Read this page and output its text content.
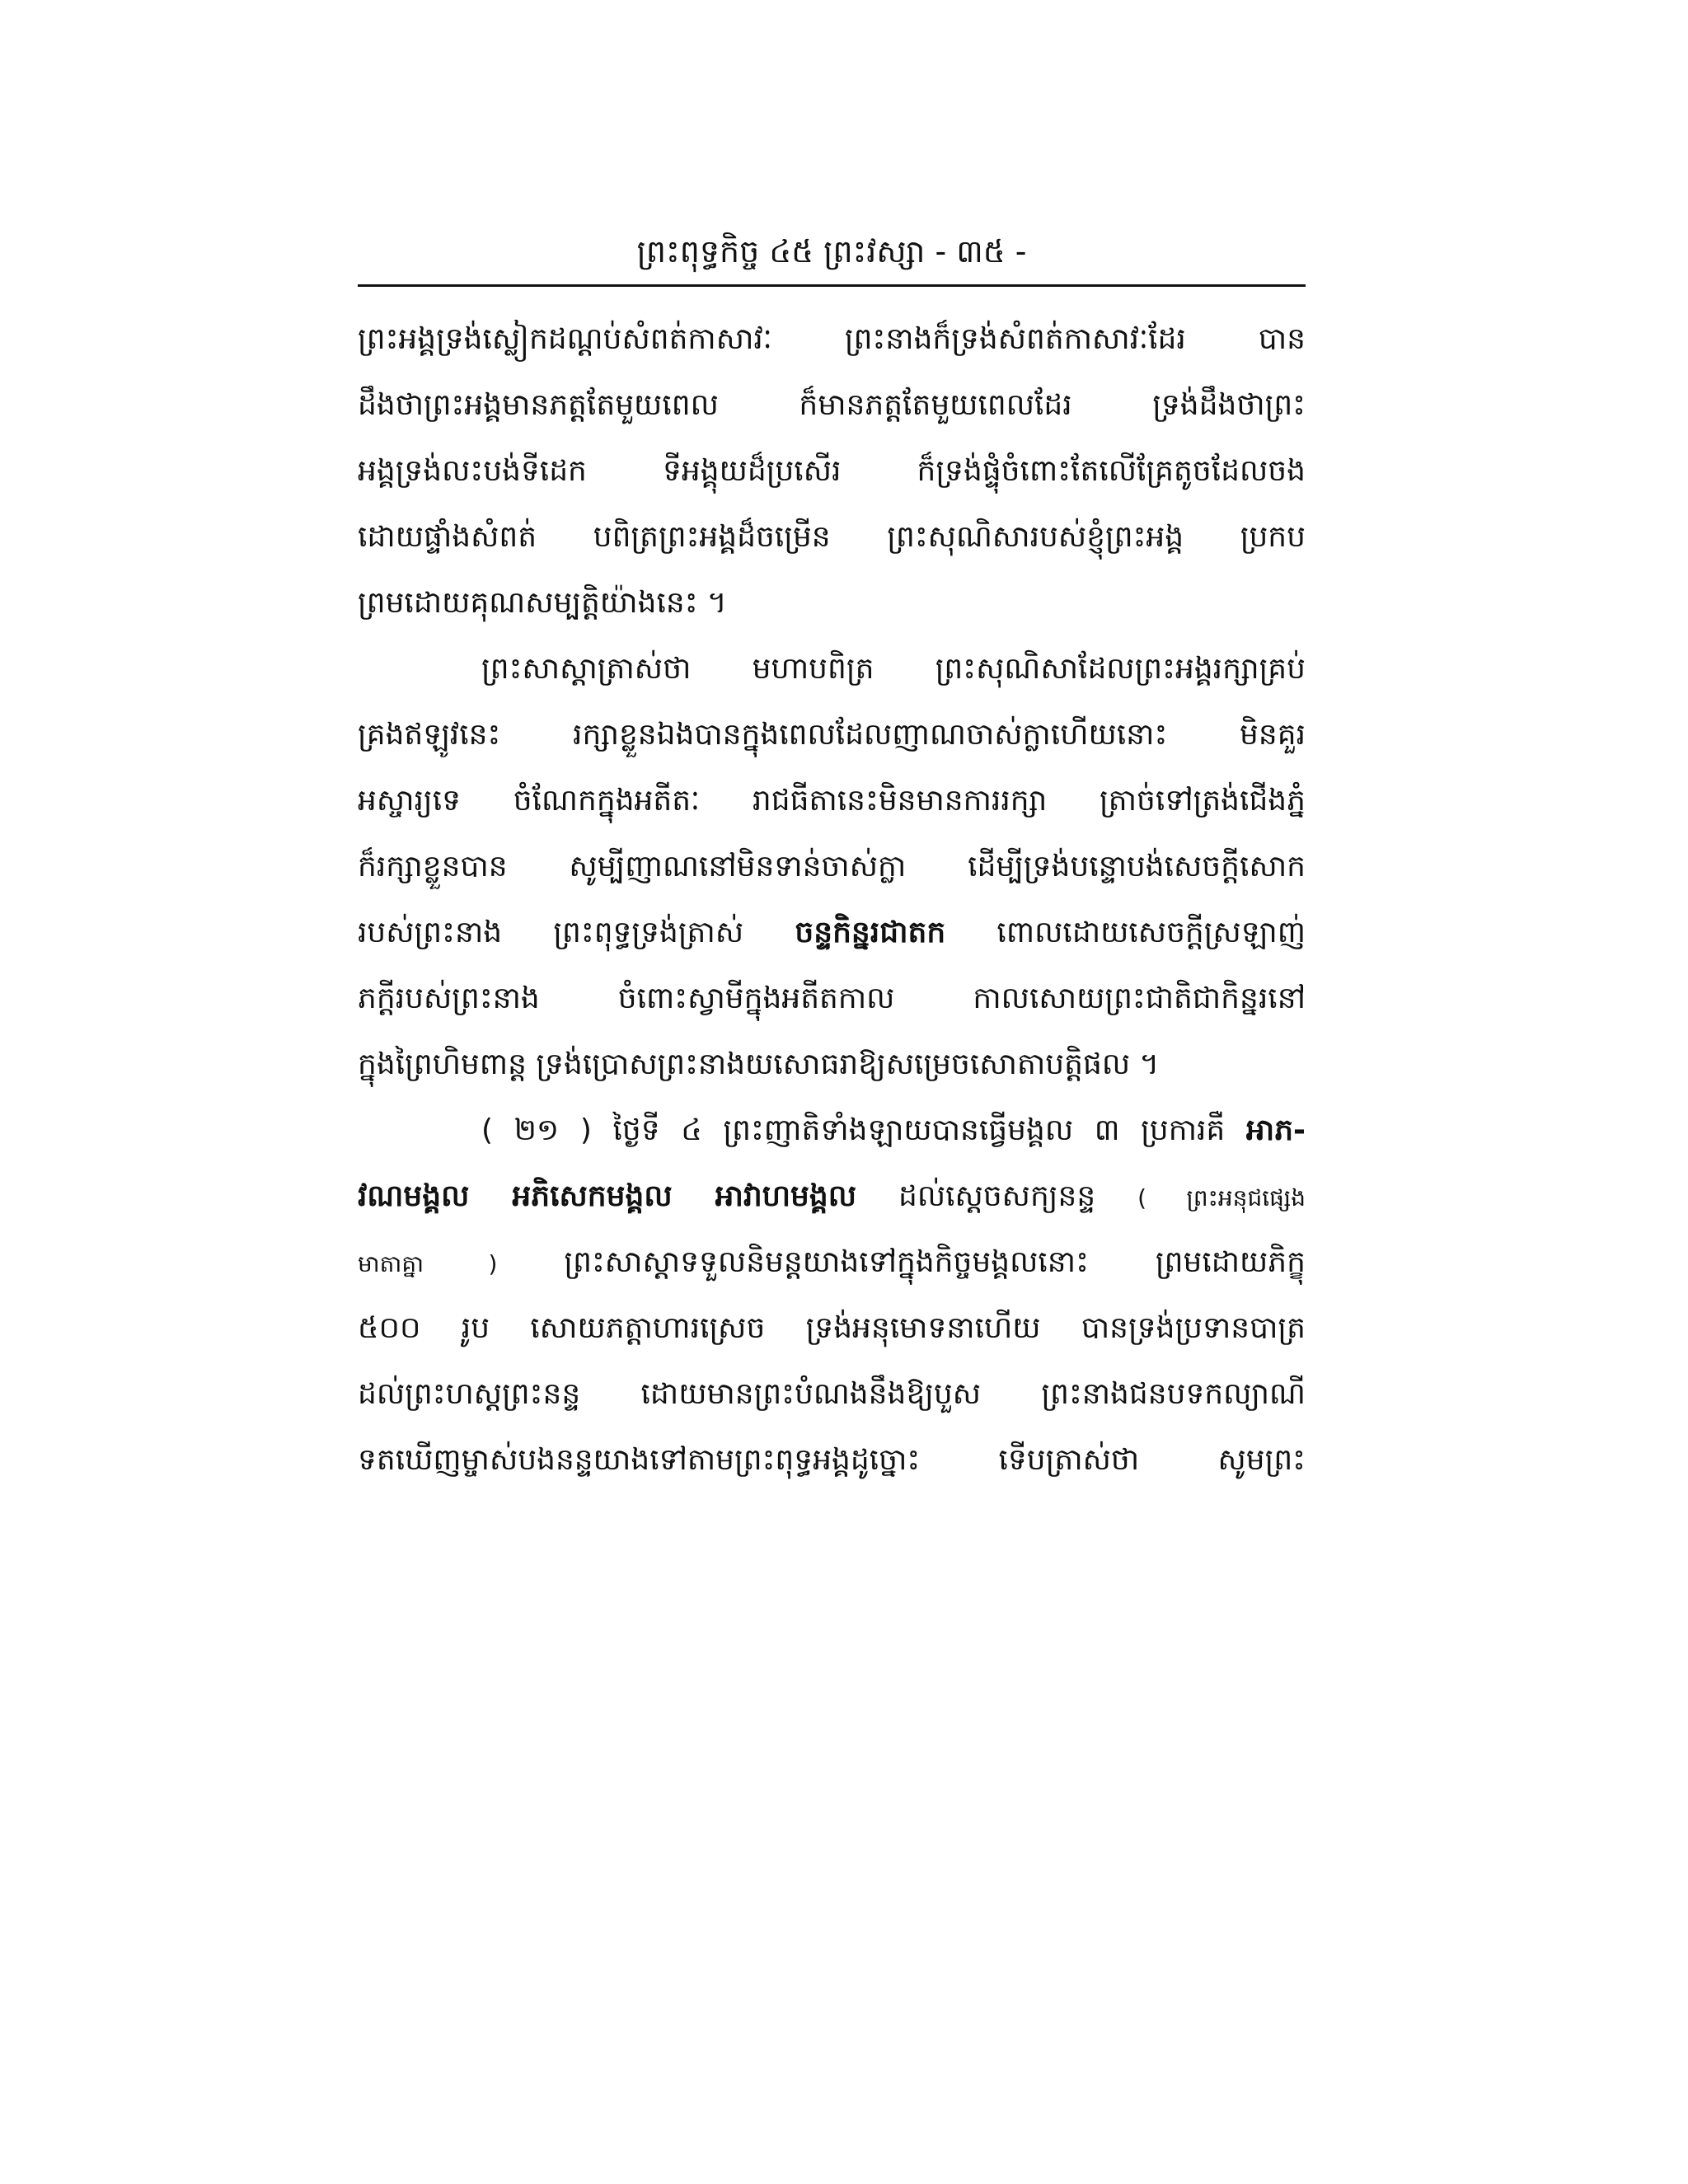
ព្រះពុទ្ធកិច្ច ៤៥ ព្រះវស្សា - ៣៥ -
ព្រះអង្គទ្រង់ស្លៀកដណ្តប់សំពត់កាសាវៈ ព្រះនាងក៏ទ្រង់សំពត់កាសាវៈដែរ បាន
ដឹងថាព្រះអង្គមានភត្តតែមួយពេល ក៏មានភត្តតែមួយពេលដែរ ទ្រង់ដឹងថាព្រះ
អង្គទ្រង់លះបង់ទីដេក ទីអង្គុយដ៏ប្រសើរ ក៏ទ្រង់ផ្ទុំចំពោះតែលើគ្រែតូចដែលចង
ដោយផ្ទាំងសំពត់ បពិត្រព្រះអង្គដ៏ចម្រើន ព្រះសុណិសារបស់ខ្ញុំព្រះអង្គ ប្រកប
ព្រមដោយគុណសម្បត្តិយ៉ាងនេះ ។
ព្រះសាស្តាត្រាស់ថា មហាបពិត្រ ព្រះសុណិសាដែលព្រះអង្គរក្សាគ្រប់
គ្រងឥឡូវនេះ រក្សាខ្លួនឯងបានក្នុងពេលដែលញាណចាស់ក្លាហើយនោះ មិនគួរ
អស្ចារ្យទេ ចំណែកក្នុងអតីតៈ រាជធីតានេះមិនមានការរក្សា ត្រាច់ទៅត្រង់ជើងភ្នំ
ក៏រក្សាខ្លួនបាន សូម្បីញាណនៅមិនទាន់ចាស់ក្លា ដើម្បីទ្រង់បន្ទោបង់សេចក្តីសោក
របស់ព្រះនាង ព្រះពុទ្ធទ្រង់ត្រាស់ ចន្ទកិន្នរជាតក ពោលដោយសេចក្តីស្រឡាញ់
ភក្តីរបស់ព្រះនាង ចំពោះស្វាមីក្នុងអតីតកាល កាលសោយព្រះជាតិជាកិន្នរនៅ
ក្នុងព្រៃហិមពាន្ត ទ្រង់ប្រោសព្រះនាងយសោធរាឱ្យសម្រេចសោតាបត្តិផល ។
( ២១ ) ថ្ងៃទី ៤ ព្រះញាតិទាំងឡាយបានធ្វើមង្គល ៣ ប្រការគឺ អាភ-
វណមង្គល អភិសេកមង្គល អាវាហមង្គល ដល់ស្តេចសក្យនន្ទ ( ព្រះអនុជផ្សេង
មាតាគ្នា ) ព្រះសាស្តាទទួលនិមន្តយាងទៅក្នុងកិច្ចមង្គលនោះ ព្រមដោយភិក្ខុ
៥០០ រូប សោយភត្តាហារស្រេច ទ្រង់អនុមោទនាហើយ បានទ្រង់ប្រទានបាត្រ
ដល់ព្រះហស្តព្រះនន្ទ ដោយមានព្រះបំណងនឹងឱ្យបួស ព្រះនាងជនបទកល្យាណី
ទតឃើញម្ចាស់បងនន្ទយាងទៅតាមព្រះពុទ្ធអង្គដូច្នោះ ទើបត្រាស់ថា សូមព្រះ
